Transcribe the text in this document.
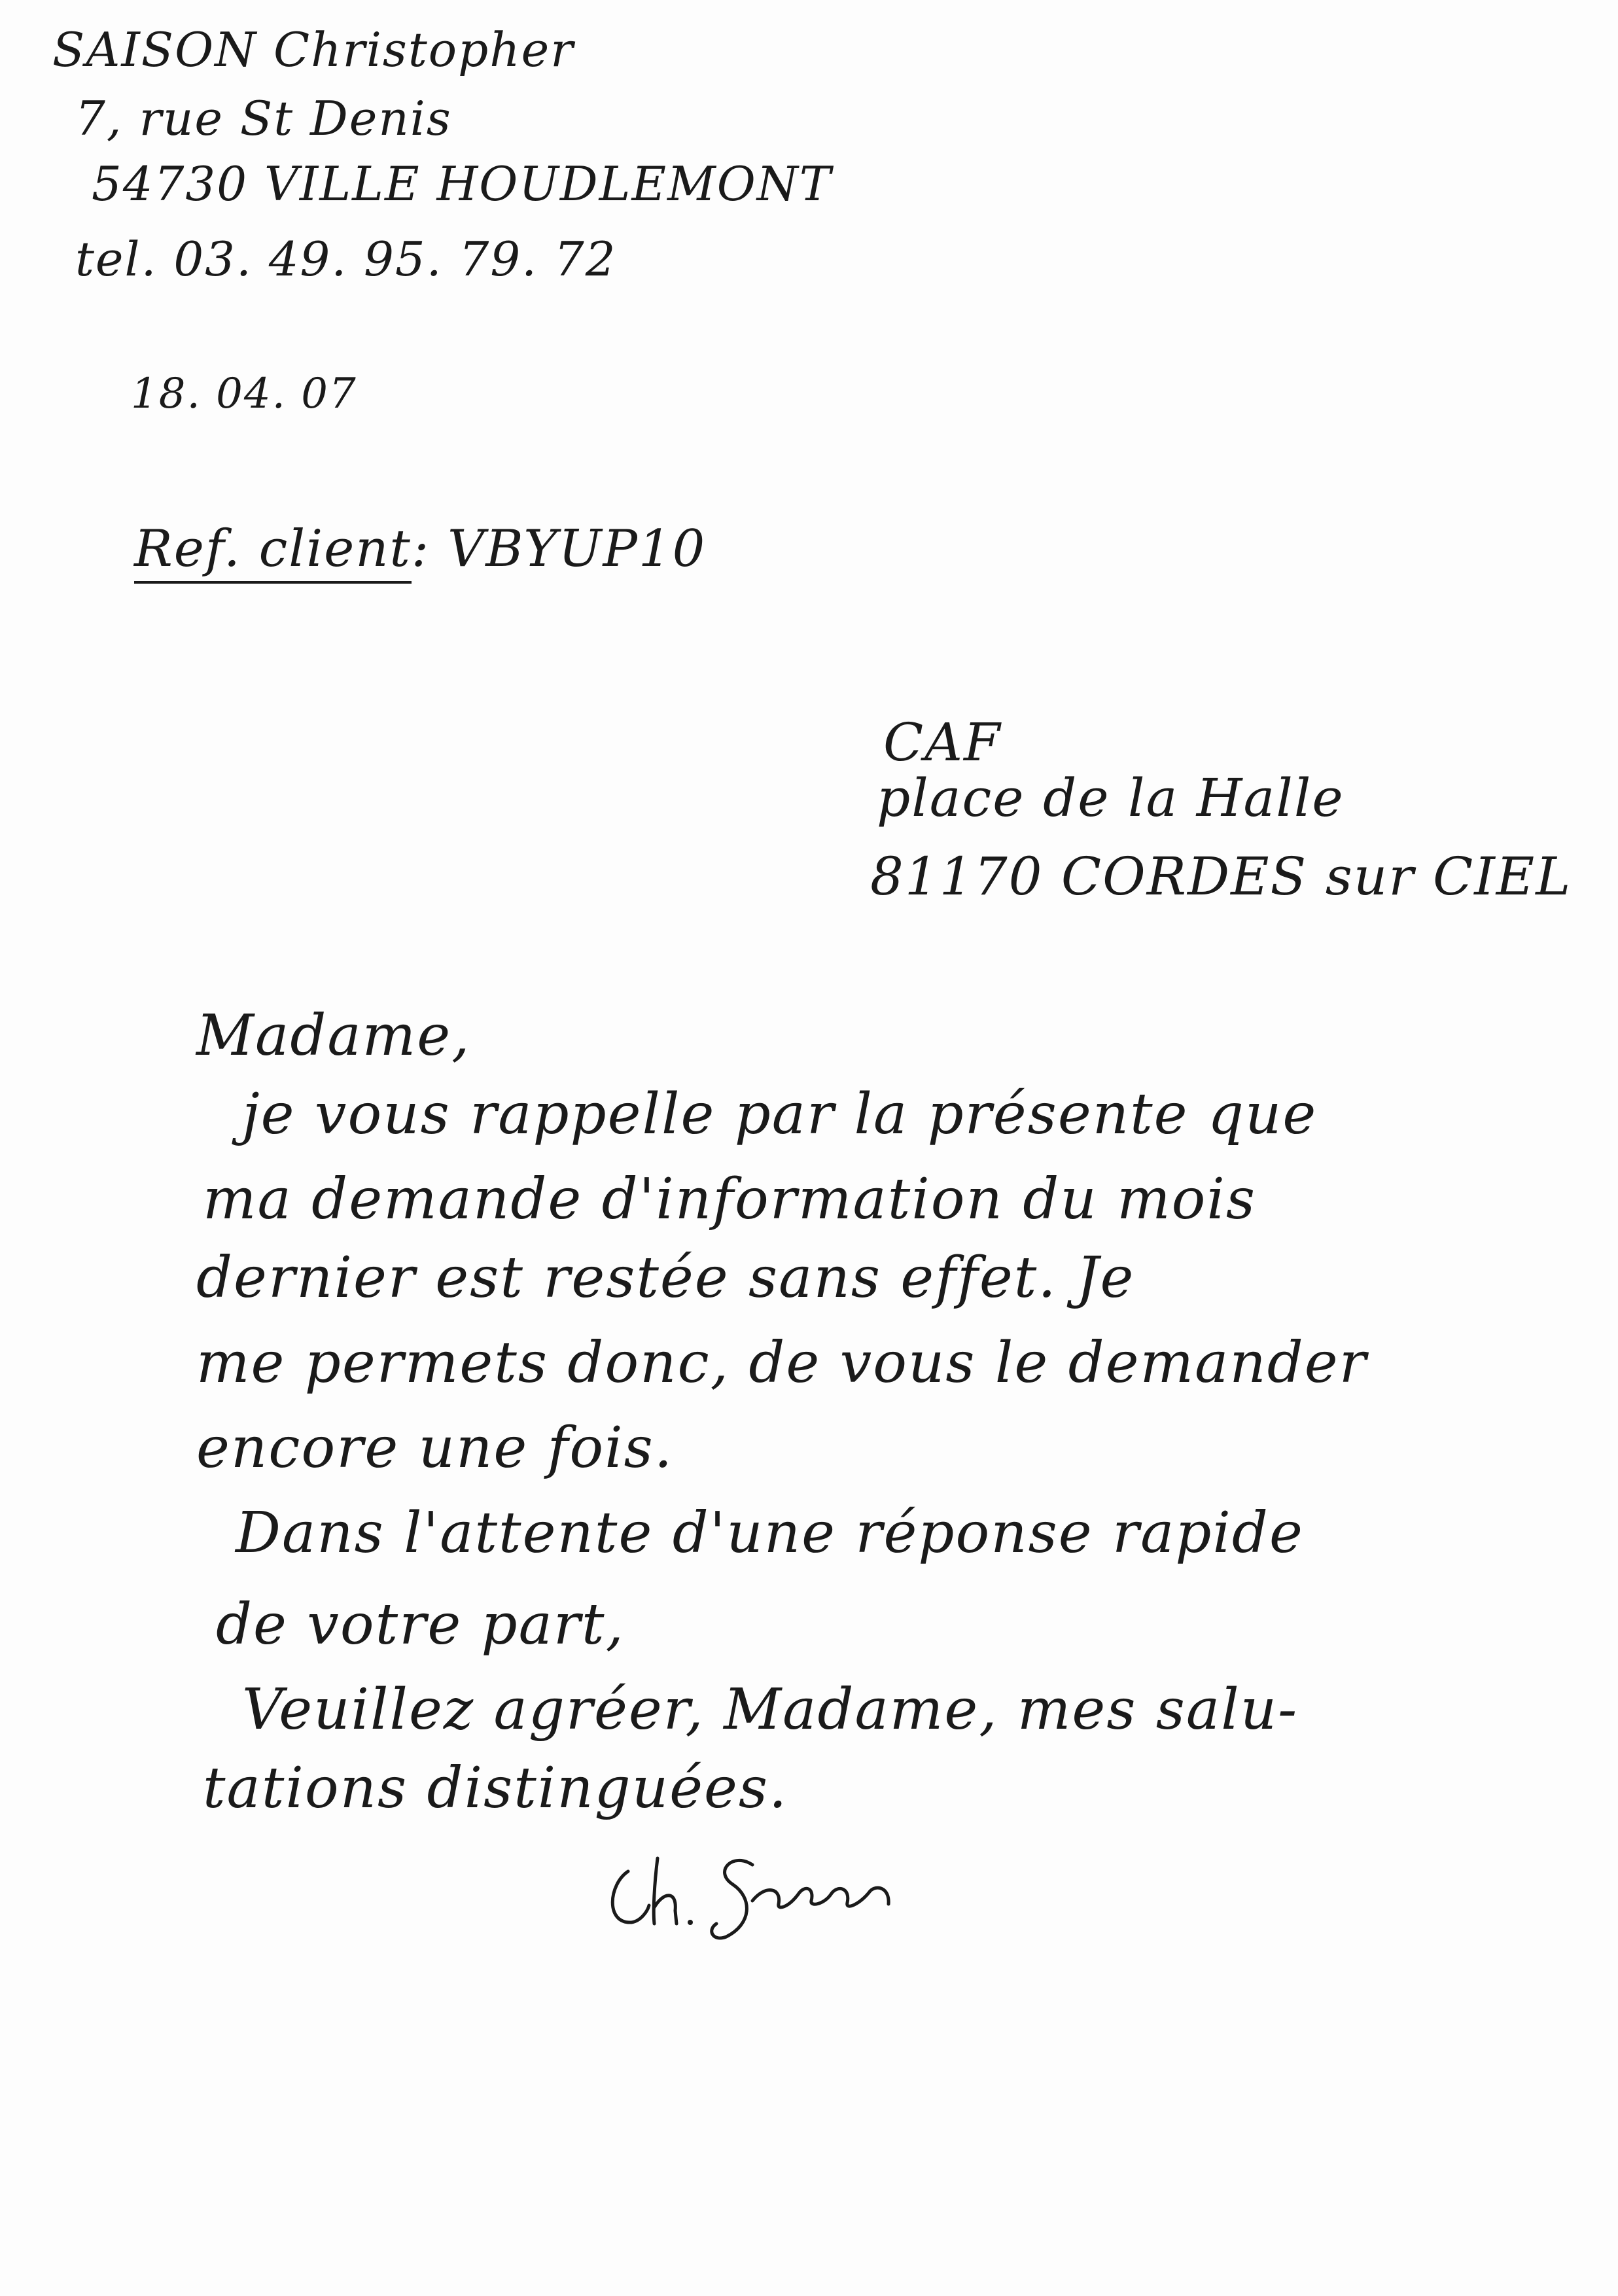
SAISON Christopher
7, rue St Denis
54730 VILLE HOUDLEMONT
tel. 03. 49. 95. 79. 72
18. 04. 07
Ref. client: VBYUP10
CAF
place de la Halle
81170 CORDES sur CIEL
Madame,
je vous rappelle par la présente que
ma demande d'information du mois
dernier est restée sans effet. Je
me permets donc, de vous le demander
encore une fois.
Dans l'attente d'une réponse rapide
de votre part,
Veuillez agréer, Madame, mes salu-
tations distinguées.
